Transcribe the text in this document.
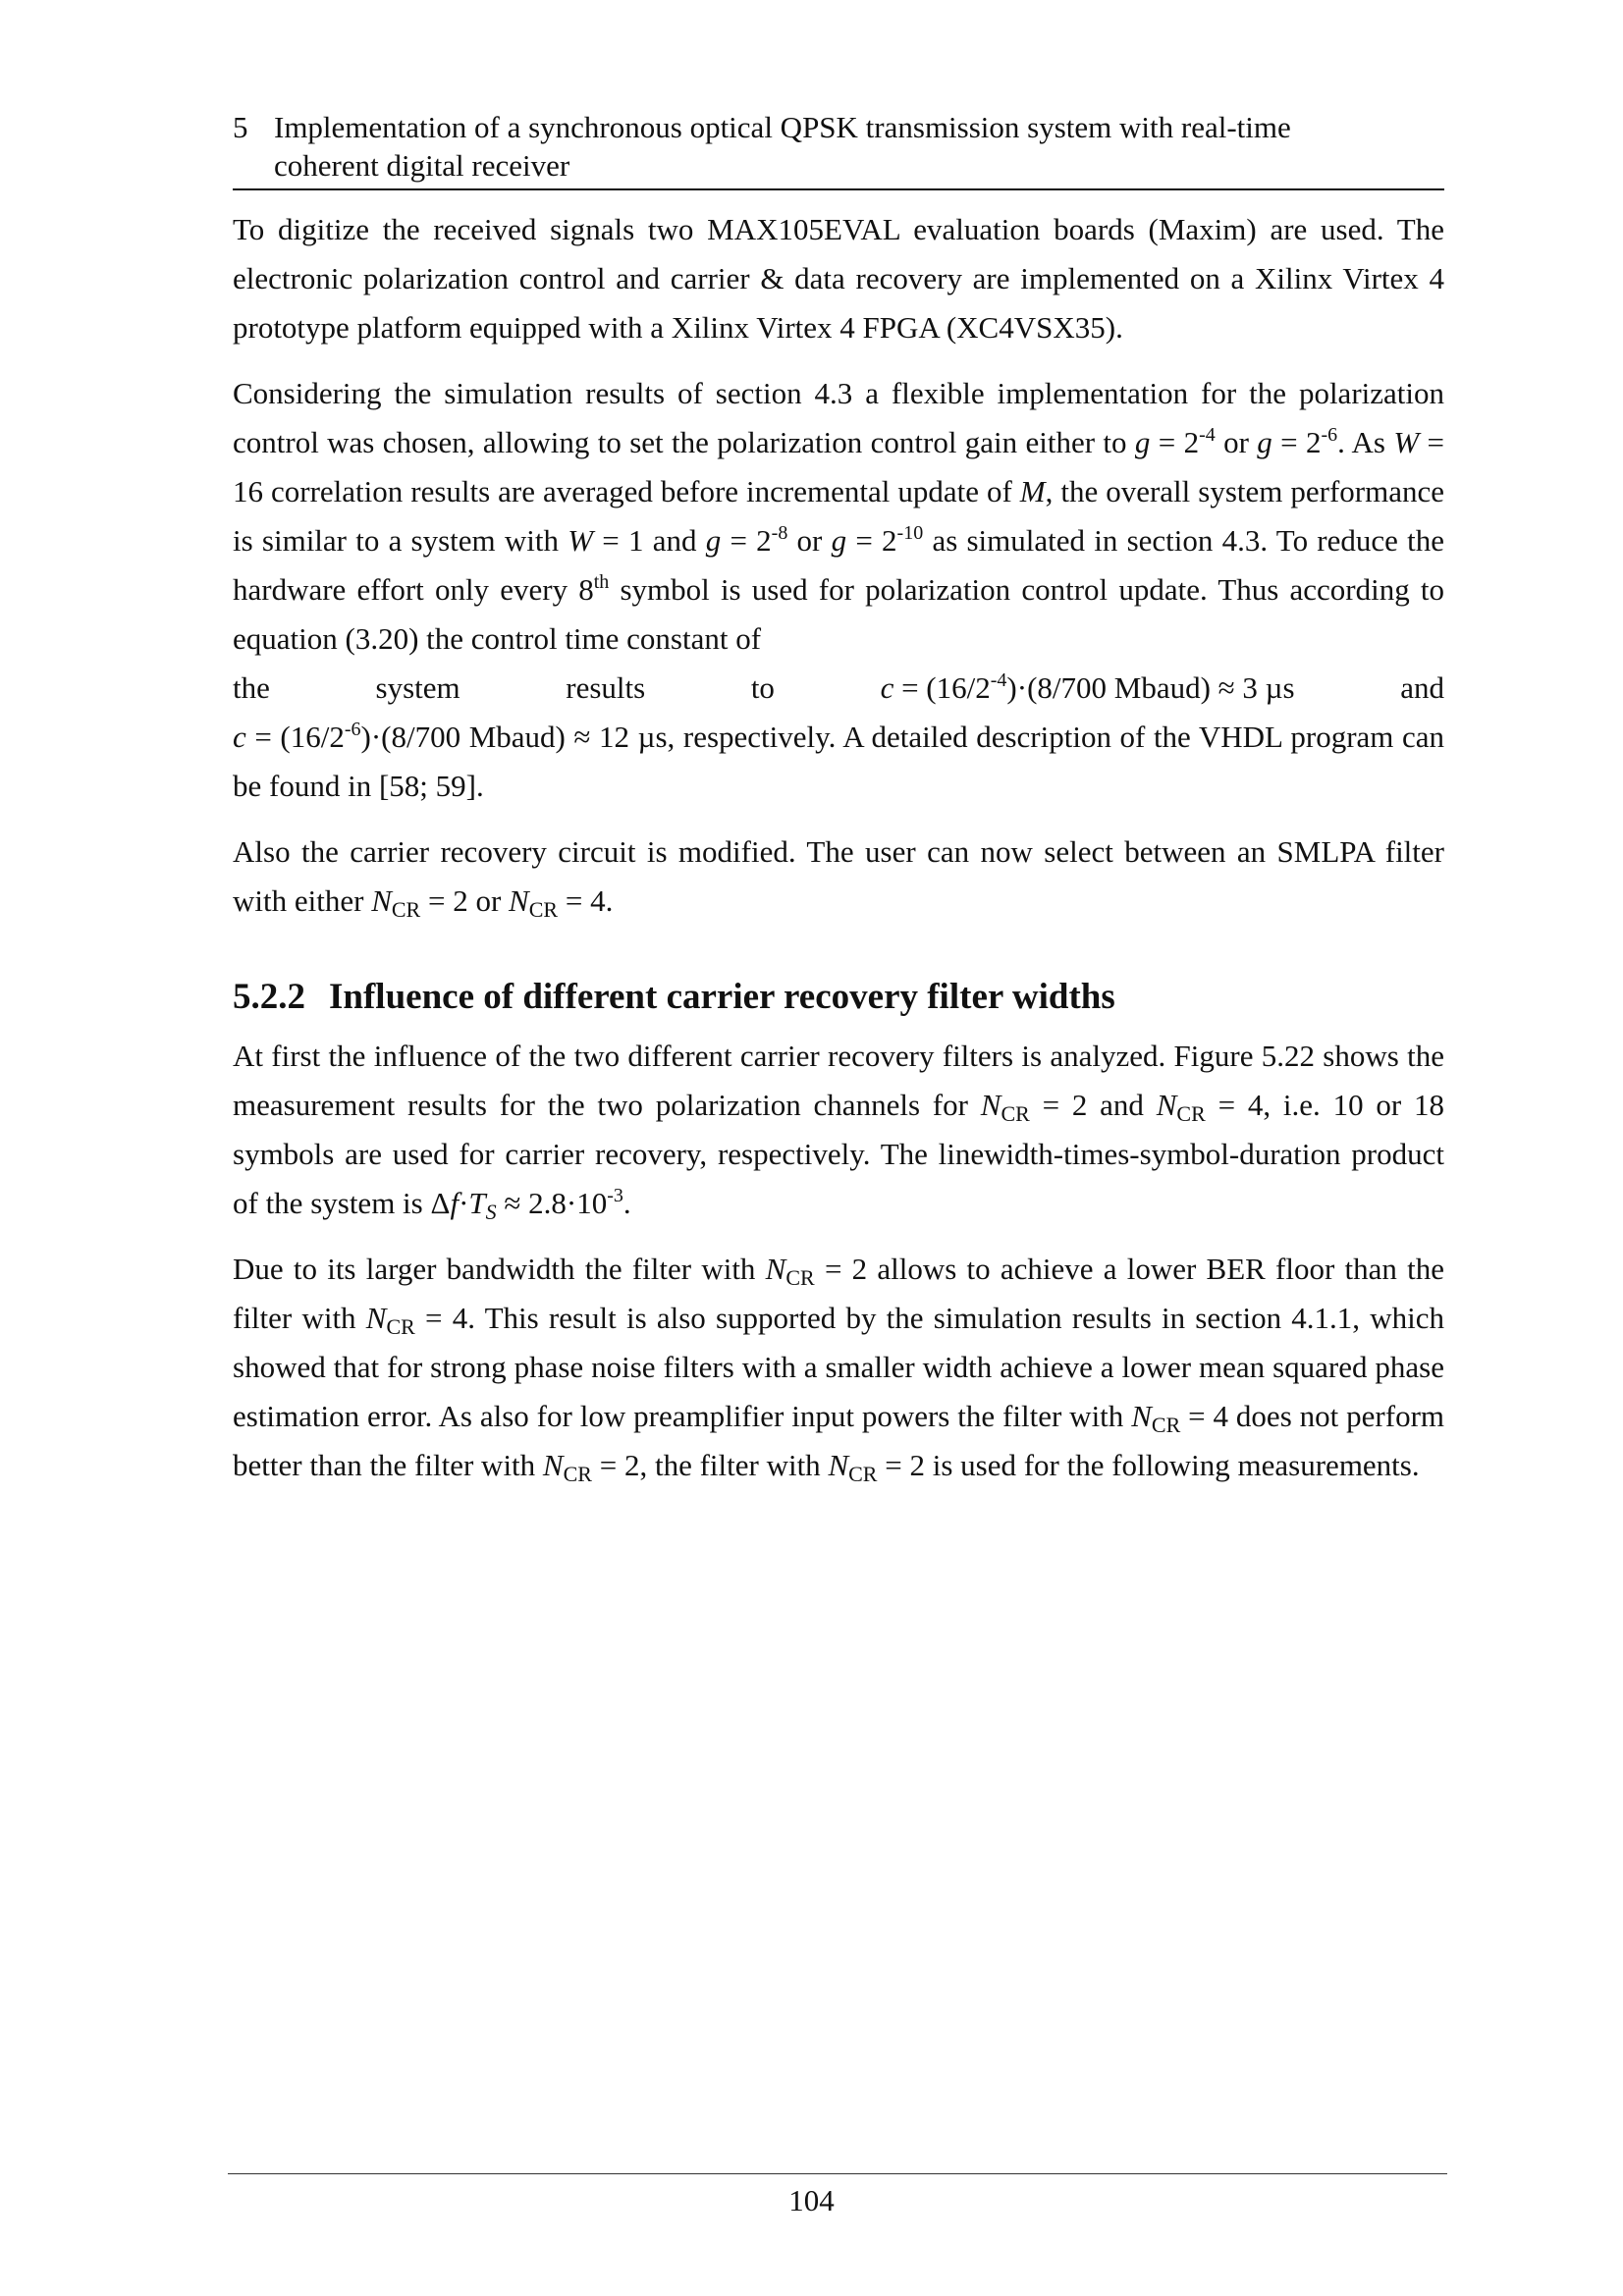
5 Implementation of a synchronous optical QPSK transmission system with real-time
coherent digital receiver

To digitize the received signals two MAX105EVAL evaluation boards (Maxim) are used. The electronic polarization control and carrier & data recovery are implemented on a Xilinx Virtex 4 prototype platform equipped with a Xilinx Virtex 4 FPGA (XC4VSX35).

Considering the simulation results of section 4.3 a flexible implementation for the polarization control was chosen, allowing to set the polarization control gain either to $g = 2^{-4}$ or $g = 2^{-6}$. As W = 16 correlation results are averaged before incremental update of M, the overall system performance is similar to a system with W = 1 and $g = 2^{-8}$ or $g = 2^{-10}$ as simulated in section 4.3. To reduce the hardware effort only every 8th symbol is used for polarization control update. Thus according to equation (3.20) the control time constant of
the	system	results	to	$c = (16/2^{-4})\cdot(8/700$ Mbaud) ≈ 3 µs	and
$c = (16/2^{-6})\cdot(8/700$ Mbaud) ≈ 12 µs, respectively. A detailed description of the VHDL program can be found in [58; 59].

Also the carrier recovery circuit is modified. The user can now select between an SMLPA filter with either $N_{CR} = 2$ or $N_{CR} = 4$.

5.2.2 Influence of different carrier recovery filter widths

At first the influence of the two different carrier recovery filters is analyzed. Figure 5.22 shows the measurement results for the two polarization channels for $N_{CR} = 2$ and $N_{CR} = 4$, i.e. 10 or 18 symbols are used for carrier recovery, respectively. The linewidth-times-symbol-duration product of the system is $\Delta f\cdot T_S \approx 2.8\cdot 10^{-3}$.

Due to its larger bandwidth the filter with $N_{CR} = 2$ allows to achieve a lower BER floor than the filter with $N_{CR} = 4$. This result is also supported by the simulation results in section 4.1.1, which showed that for strong phase noise filters with a smaller width achieve a lower mean squared phase estimation error. As also for low preamplifier input powers the filter with $N_{CR} = 4$ does not perform better than the filter with $N_{CR} = 2$, the filter with $N_{CR} = 2$ is used for the following measurements.

104
